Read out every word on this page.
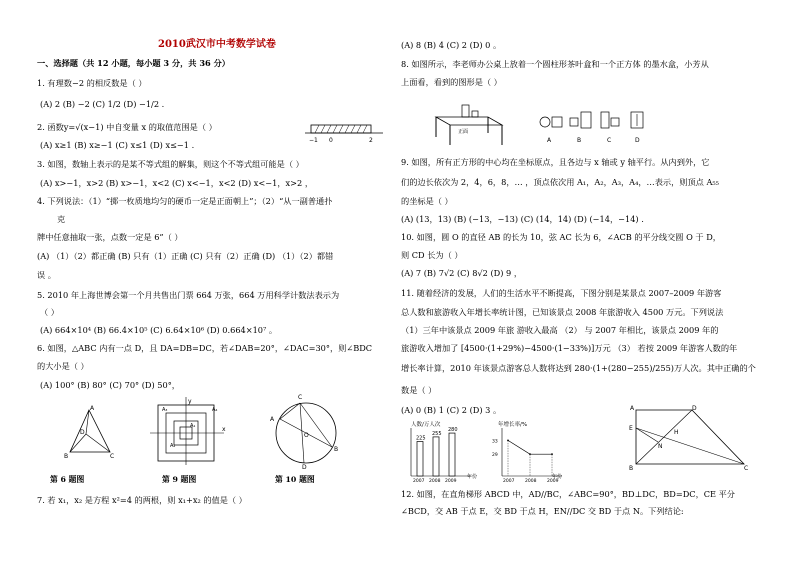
2010武汉市中考数学试卷
一、选择题（共 12 小题，每小题 3 分，共 36 分）
1. 有理数−2 的相反数是（ ）
(A) 2 (B) −2 (C) 1/2 (D) −1/2 .
2. 函数y=√(x−1) 中自变量 x 的取值范围是（ ）
−1 0	2
(A) x≥1 (B) x≥−1 (C) x≤1 (D) x≤−1 .
3. 如图，数轴上表示的是某不等式组的解集，则这个不等式组可能是（ ）
(A) x>−1，x>2 (B) x>−1，x<2 (C) x<−1，x<2 (D) x<−1，x>2 ，
4. 下列说法：（1）“掷一枚质地均匀的硬币一定是正面朝上”；（2）“从一副普通扑
克
牌中任意抽取一张，点数一定是 6”（ ）
(A) （1）（2）都正确 (B) 只有（1）正确 (C) 只有（2）正确 (D) （1）（2）都错
误 。
5. 2010 年上海世博会第一个月共售出门票 664 万张，664 万用科学计数法表示为
（ ）
(A) 664×10⁴ (B) 66.4×10⁵ (C) 6.64×10⁶ (D) 0.664×10⁷ 。
6. 如图，△ABC 内有一点 D，且 DA=DB=DC，若∠DAB=20°，∠DAC=30°，则∠BDC
的大小是（ ）
(A) 100° (B) 80° (C) 70° (D) 50°，
A
D
B	C
第 6 题图
y
x
A₁
A₂
A₃	A₄
第 9 题图
C
A
O
B
D
第 10 题图
7. 若 x₁，x₂ 是方程 x²=4 的两根，则 x₁+x₂ 的值是（ ）
(A) 8 (B) 4 (C) 2 (D) 0 。
8. 如图所示，李老师办公桌上放着一个圆柱形茶叶盒和一个正方体 的墨水盒，小芳从
上面看，看到的图形是（ ）
正面
A	B	C	D
9. 如图，所有正方形的中心均在坐标原点，且各边与 x 轴或 y 轴平行。从内到外，它
们的边长依次为 2，4，6，8，… ，顶点依次用 A₁，A₂，A₃，A₄，…表示，则顶点 A₅₅
的坐标是（ ）
(A) (13，13) (B) (−13，−13) (C) (14，14) (D) (−14，−14) .
10. 如图，圆 O 的直径 AB 的长为 10，弦 AC 长为 6，∠ACB 的平分线交圆 O 于 D，
则 CD 长为（ ）
(A) 7 (B) 7√2 (C) 8√2 (D) 9 ，
11. 随着经济的发展，人们的生活水平不断提高，下图分别是某景点 2007–2009 年游客
总人数和旅游收入年增长率统计图，已知该景点 2008 年旅游收入 4500 万元。下列说法
（1）三年中该景点 2009 年旅 游收入最高 （2） 与 2007 年相比，该景点 2009 年的
旅游收入增加了 [4500·(1+29%)−4500·(1−33%)]万元 （3） 若按 2009 年游客人数的年
增长率计算，2010 年该景点游客总人数将达到 280·(1+(280−255)/255)万人次。其中正确的个
数是（ ）
(A) 0 (B) 1 (C) 2 (D) 3 。
人数/万人次
年份
225
2007
255
2008
280
2009
年增长率/%
年份
2007 2008 2009
33
29
A	D
E
H
N
B	C
12. 如图，在直角梯形 ABCD 中，AD//BC，∠ABC=90°，BD⊥DC，BD=DC，CE 平分
∠BCD，交 AB 于点 E，交 BD 于点 H，EN//DC 交 BD 于点 N。下列结论:
